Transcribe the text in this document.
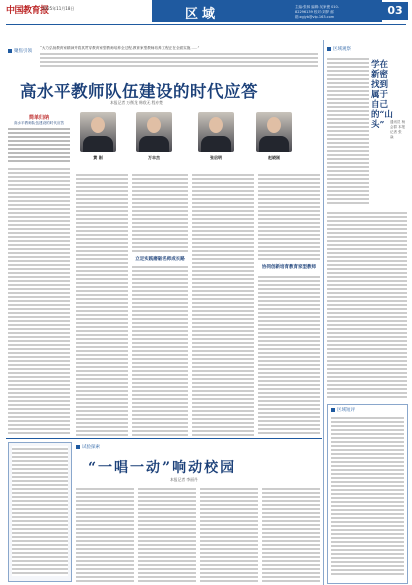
中国教育报
2025年11月18日	区域	主编:张林 编辑:吴家俊 010-82296139 校对:刘梦 邮箱:zgjyb@vip.163.com	03版
聚焦引领
“大力弘扬教育家精神并将其贯穿教育家型教师培养全过程,教育家型教师培养工程正在全面实施……”
高水平教师队伍建设的时代应答
本报记者 万衡龙 韩欣无 程亦楚
简单归纳
高水平教师队伍建设的时代应答
黄 刚	万丰杰	张启明	赵晓刚
立足实践磨砺名师成长路
协同创新培育教育家型教师
区域观察
学在新密 找到属于自己的“山头”	通讯员 杨会群 本报记者 张 焱
区域短评
试验探索
“一唱一动”响动校园
本报记者 李丽丹
